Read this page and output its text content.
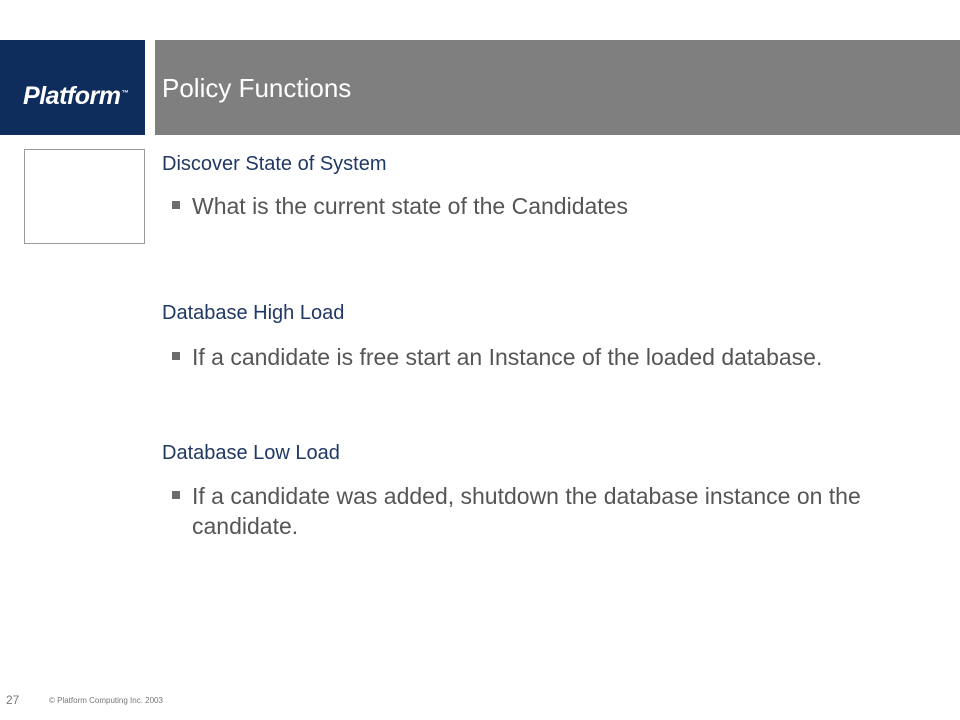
Platform™ Policy Functions
Discover State of System
What is the current state of the Candidates
Database High Load
If a candidate is free start an Instance of the loaded database.
Database Low Load
If a candidate was added, shutdown the database instance on the candidate.
27	© Platform Computing Inc. 2003
